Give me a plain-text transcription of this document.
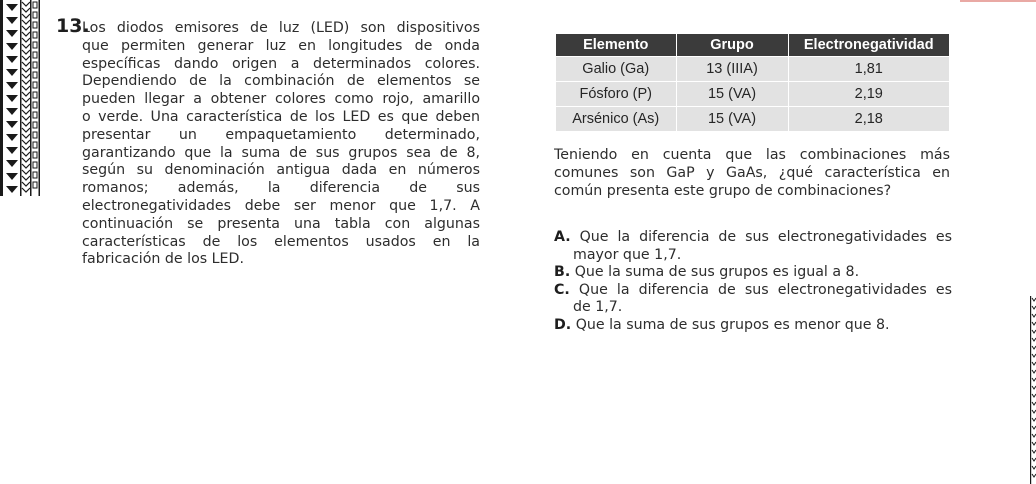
13.
Los diodos emisores de luz (LED) son dispositivos
que permiten generar luz en longitudes de onda
específicas dando origen a determinados colores.
Dependiendo de la combinación de elementos se
pueden llegar a obtener colores como rojo, amarillo
o verde. Una característica de los LED es que deben
presentar un empaquetamiento determinado,
garantizando que la suma de sus grupos sea de 8,
según su denominación antigua dada en números
romanos; además, la diferencia de sus
electronegatividades debe ser menor que 1,7. A
continuación se presenta una tabla con algunas
características de los elementos usados en la
fabricación de los LED.
Elemento	Grupo	Electronegatividad
Galio (Ga)	13 (IIIA)	1,81
Fósforo (P)	15 (VA)	2,19
Arsénico (As)	15 (VA)	2,18
Teniendo en cuenta que las combinaciones más
comunes son GaP y GaAs, ¿qué característica en
común presenta este grupo de combinaciones?
A. Que la diferencia de sus electronegatividades es
mayor que 1,7.
B. Que la suma de sus grupos es igual a 8.
C. Que la diferencia de sus electronegatividades es
de 1,7.
D. Que la suma de sus grupos es menor que 8.
